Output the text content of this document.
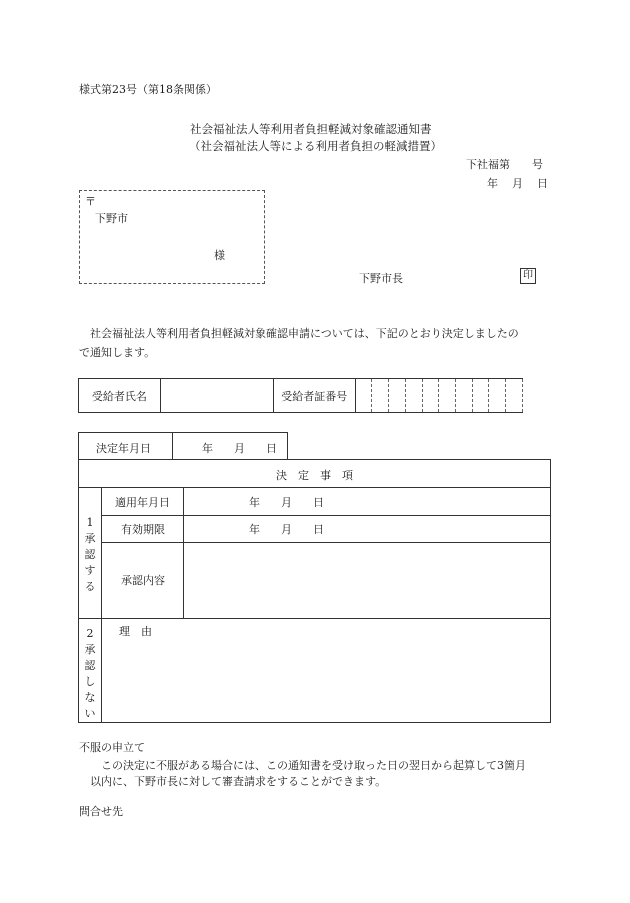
様式第23号（第18条関係）
社会福祉法人等利用者負担軽減対象確認通知書
（社会福祉法人等による利用者負担の軽減措置）
下社福第　　号
年 月 日
〒
下野市
様
下野市長	印
社会福祉法人等利用者負担軽減対象確認申請については、下記のとおり決定しましたの
で通知します。
受給者氏名		受給者証番号										
決定年月日	年 月 日
決　定　事　項
1
承
認
す
る
適用年月日	年 月 日
有効期限	年 月 日
承認内容
2
承
認
し
な
い
理　由
不服の申立て
この決定に不服がある場合には、この通知書を受け取った日の翌日から起算して3箇月
以内に、下野市長に対して審査請求をすることができます。
問合せ先
